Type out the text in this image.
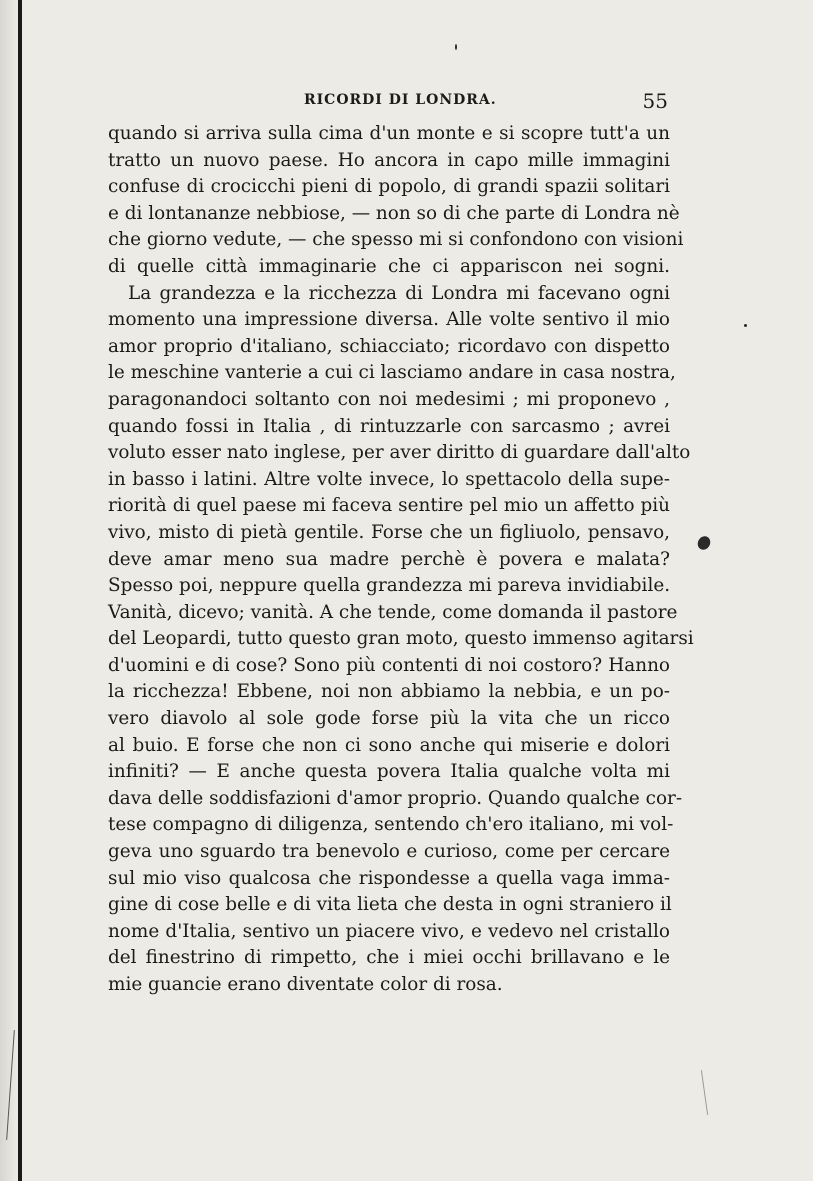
RICORDI DI LONDRA.	55
quando si arriva sulla cima d'un monte e si scopre tutt'a un
tratto un nuovo paese. Ho ancora in capo mille immagini
confuse di crocicchi pieni di popolo, di grandi spazii solitari
e di lontananze nebbiose, — non so di che parte di Londra nè
che giorno vedute, — che spesso mi si confondono con visioni
di quelle città immaginarie che ci appariscon nei sogni.
La grandezza e la ricchezza di Londra mi facevano ogni
momento una impressione diversa. Alle volte sentivo il mio
amor proprio d'italiano, schiacciato; ricordavo con dispetto
le meschine vanterie a cui ci lasciamo andare in casa nostra,
paragonandoci soltanto con noi medesimi ; mi proponevo ,
quando fossi in Italia , di rintuzzarle con sarcasmo ; avrei
voluto esser nato inglese, per aver diritto di guardare dall'alto
in basso i latini. Altre volte invece, lo spettacolo della supe-
riorità di quel paese mi faceva sentire pel mio un affetto più
vivo, misto di pietà gentile. Forse che un figliuolo, pensavo,
deve amar meno sua madre perchè è povera e malata?
Spesso poi, neppure quella grandezza mi pareva invidiabile.
Vanità, dicevo; vanità. A che tende, come domanda il pastore
del Leopardi, tutto questo gran moto, questo immenso agitarsi
d'uomini e di cose? Sono più contenti di noi costoro? Hanno
la ricchezza! Ebbene, noi non abbiamo la nebbia, e un po-
vero diavolo al sole gode forse più la vita che un ricco
al buio. E forse che non ci sono anche qui miserie e dolori
infiniti? — E anche questa povera Italia qualche volta mi
dava delle soddisfazioni d'amor proprio. Quando qualche cor-
tese compagno di diligenza, sentendo ch'ero italiano, mi vol-
geva uno sguardo tra benevolo e curioso, come per cercare
sul mio viso qualcosa che rispondesse a quella vaga imma-
gine di cose belle e di vita lieta che desta in ogni straniero il
nome d'Italia, sentivo un piacere vivo, e vedevo nel cristallo
del finestrino di rimpetto, che i miei occhi brillavano e le
mie guancie erano diventate color di rosa.
